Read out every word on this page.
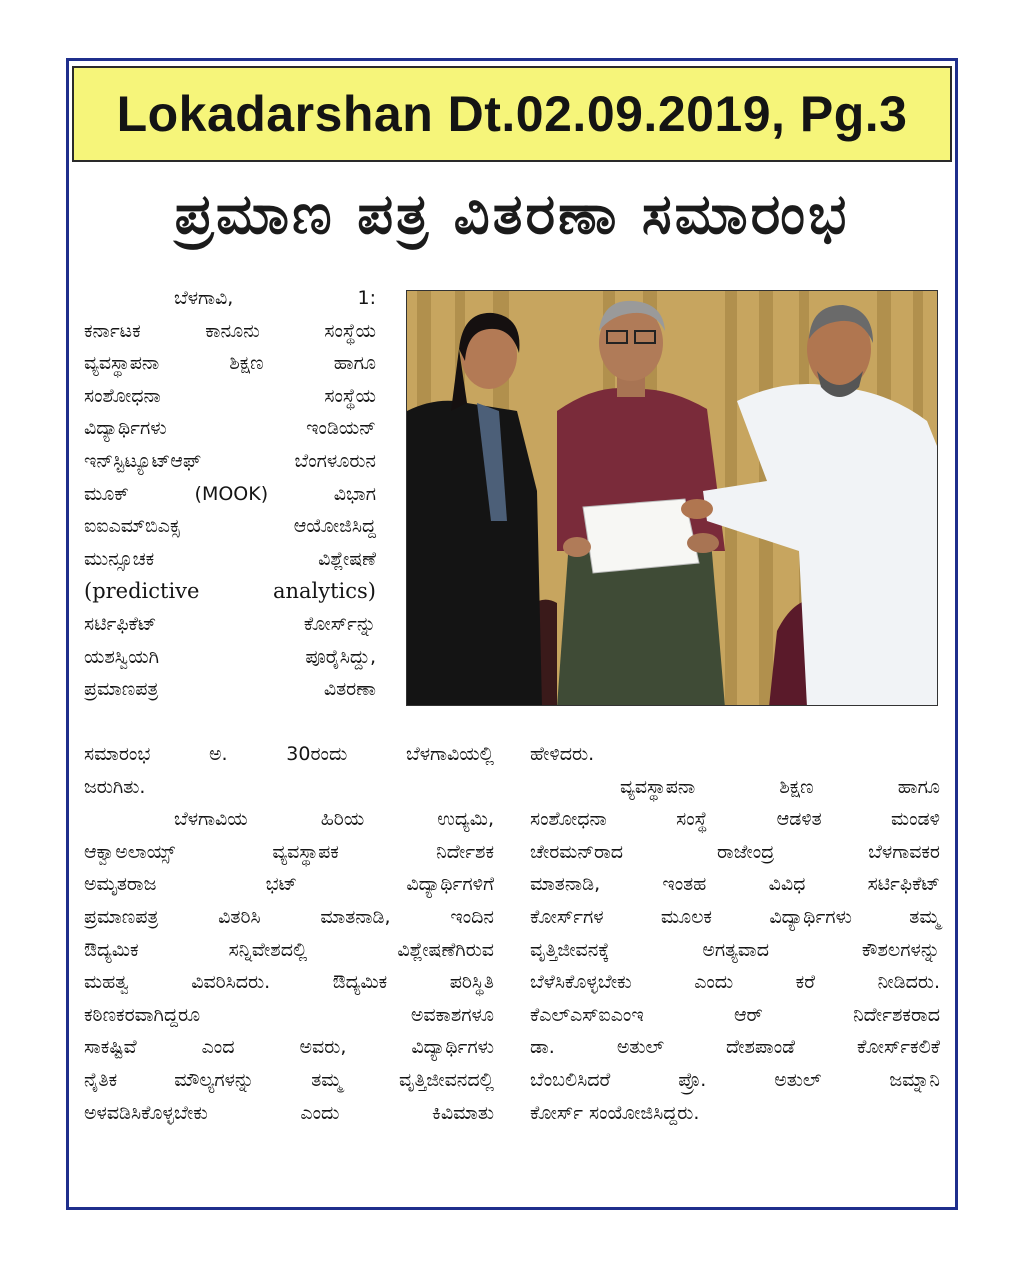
Lokadarshan Dt.02.09.2019, Pg.3
ಪ್ರಮಾಣ ಪತ್ರ ವಿತರಣಾ ಸಮಾರಂಭ
ಬೆಳಗಾವಿ, 1:
ಕರ್ನಾಟಕ ಕಾನೂನು ಸಂಸ್ಥೆಯ
ವ್ಯವಸ್ಥಾಪನಾ ಶಿಕ್ಷಣ ಹಾಗೂ
ಸಂಶೋಧನಾ ಸಂಸ್ಥೆಯ
ವಿದ್ಯಾರ್ಥಿಗಳು ಇಂಡಿಯನ್
ಇನ್‌ಸ್ಟಿಟ್ಯೂಟ್‌ಆಫ್ ಬೆಂಗಳೂರುನ
ಮೂಕ್ (MOOK) ವಿಭಾಗ
ಐಐಎಮ್‌ಬಿಎಕ್ಸ ಆಯೋಜಿಸಿದ್ದ
ಮುನ್ಸೂಚಕ ವಿಶ್ಲೇಷಣೆ
(predictive analytics)
ಸರ್ಟಿಫಿಕೆಟ್ ಕೋರ್ಸ್‌ನ್ನು
ಯಶಸ್ವಿಯಗಿ ಪೂರೈಸಿದ್ದು,
ಪ್ರಮಾಣಪತ್ರ ವಿತರಣಾ
ಸಮಾರಂಭ ಅ. 30ರಂದು ಬೆಳಗಾವಿಯಲ್ಲಿ
ಜರುಗಿತು.
ಬೆಳಗಾವಿಯ ಹಿರಿಯ ಉದ್ಯಮಿ,
ಆಕ್ವಾಅಲಾಯ್ಸ್ ವ್ಯವಸ್ಥಾಪಕ ನಿರ್ದೇಶಕ
ಅಮೃತರಾಜ ಭಟ್ ವಿದ್ಯಾರ್ಥಿಗಳಿಗೆ
ಪ್ರಮಾಣಪತ್ರ ವಿತರಿಸಿ ಮಾತನಾಡಿ, ಇಂದಿನ
ಔದ್ಯಮಿಕ ಸನ್ನಿವೇಶದಲ್ಲಿ ವಿಶ್ಲೇಷಣೆಗಿರುವ
ಮಹತ್ವ ವಿವರಿಸಿದರು. ಔದ್ಯಮಿಕ ಪರಿಸ್ಥಿತಿ
ಕಠಿಣಕರವಾಗಿದ್ದರೂ ಅವಕಾಶಗಳೂ
ಸಾಕಷ್ಟಿವೆ ಎಂದ ಅವರು, ವಿದ್ಯಾರ್ಥಿಗಳು
ನೈತಿಕ ಮೌಲ್ಯಗಳನ್ನು ತಮ್ಮ ವೃತ್ತಿಜೀವನದಲ್ಲಿ
ಅಳವಡಿಸಿಕೊಳ್ಳಬೇಕು ಎಂದು ಕಿವಿಮಾತು
ಹೇಳಿದರು.
ವ್ಯವಸ್ಥಾಪನಾ ಶಿಕ್ಷಣ ಹಾಗೂ
ಸಂಶೋಧನಾ ಸಂಸ್ಥೆ ಆಡಳಿತ ಮಂಡಳಿ
ಚೇರಮನ್‌ರಾದ ರಾಜೇಂದ್ರ ಬೆಳಗಾವಕರ
ಮಾತನಾಡಿ, ಇಂತಹ ವಿವಿಧ ಸರ್ಟಿಫಿಕೆಟ್
ಕೋರ್ಸ್‌ಗಳ ಮೂಲಕ ವಿದ್ಯಾರ್ಥಿಗಳು ತಮ್ಮ
ವೃತ್ತಿಜೀವನಕ್ಕೆ ಅಗತ್ಯವಾದ ಕೌಶಲಗಳನ್ನು
ಬೆಳೆಸಿಕೊಳ್ಳಬೇಕು ಎಂದು ಕರೆ ನೀಡಿದರು.
ಕೆಎಲ್‌ಎಸ್‌ಐಎಂಇ ಆರ್ ನಿರ್ದೇಶಕರಾದ
ಡಾ. ಅತುಲ್ ದೇಶಪಾಂಡೆ ಕೋರ್ಸ್‌ಕಲಿಕೆ
ಬೆಂಬಲಿಸಿದರೆ ಪ್ರೊ. ಅತುಲ್ ಜಮ್ನಾನಿ
ಕೋರ್ಸ್ ಸಂಯೋಜಿಸಿದ್ದರು.
